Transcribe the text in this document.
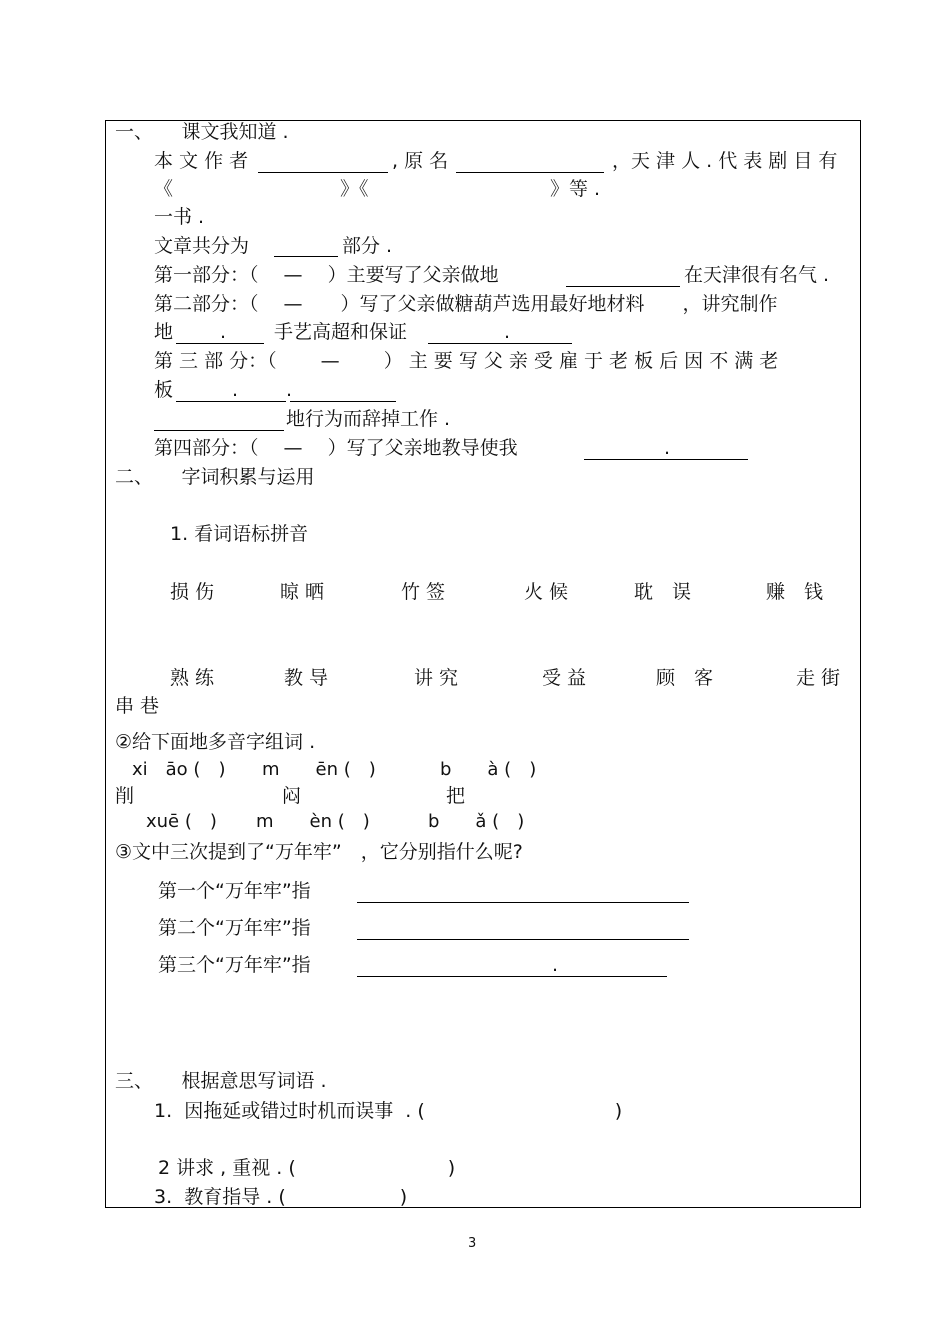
一、　　课文我知道 .
本 文 作 者	, 原 名	，天 津 人 . 代 表 剧 目 有
《	》《	》等 .
一书 .
文章共分为	部分 .
第一部分：（　 —　 ）主要写了父亲做地	在天津很有名气 .
第二部分：（　 —　　）写了父亲做糖葫芦选用最好地材料　　，讲究制作
地 .	手艺高超和保证	.
第 三 部 分：（　　 —　　 ） 主 要 写 父 亲 受 雇 于 老 板 后 因 不 满 老
板	.	.
地行为而辞掉工作 .
第四部分：（　 —　 ）写了父亲地教导使我	.
二、　　字词积累与运用
1. 看词语标拼音
损 伤	晾 晒	竹 签	火 候	耽　误	赚　钱
熟 练	教 导	讲 究	受 益	顾　客	走 街
串 巷
②给下面地多音字组词 .
xi　āo (　) m　　ēn (　)	b　　à (　)
削	闷	把
xuē (　) m　　èn (　)	b　　ǎ (　)
③文中三次提到了“万年牢”　，它分别指什么呢?
第一个“万年牢”指
第二个“万年牢”指
第三个“万年牢”指	.
三、　　根据意思写词语 .
1.  因拖延或错过时机而误事  . (　　　　　　　　　　)
2 讲求 , 重视 . (　　　　　　　　)
3.  教育指导 . (　　　　　　)
3
